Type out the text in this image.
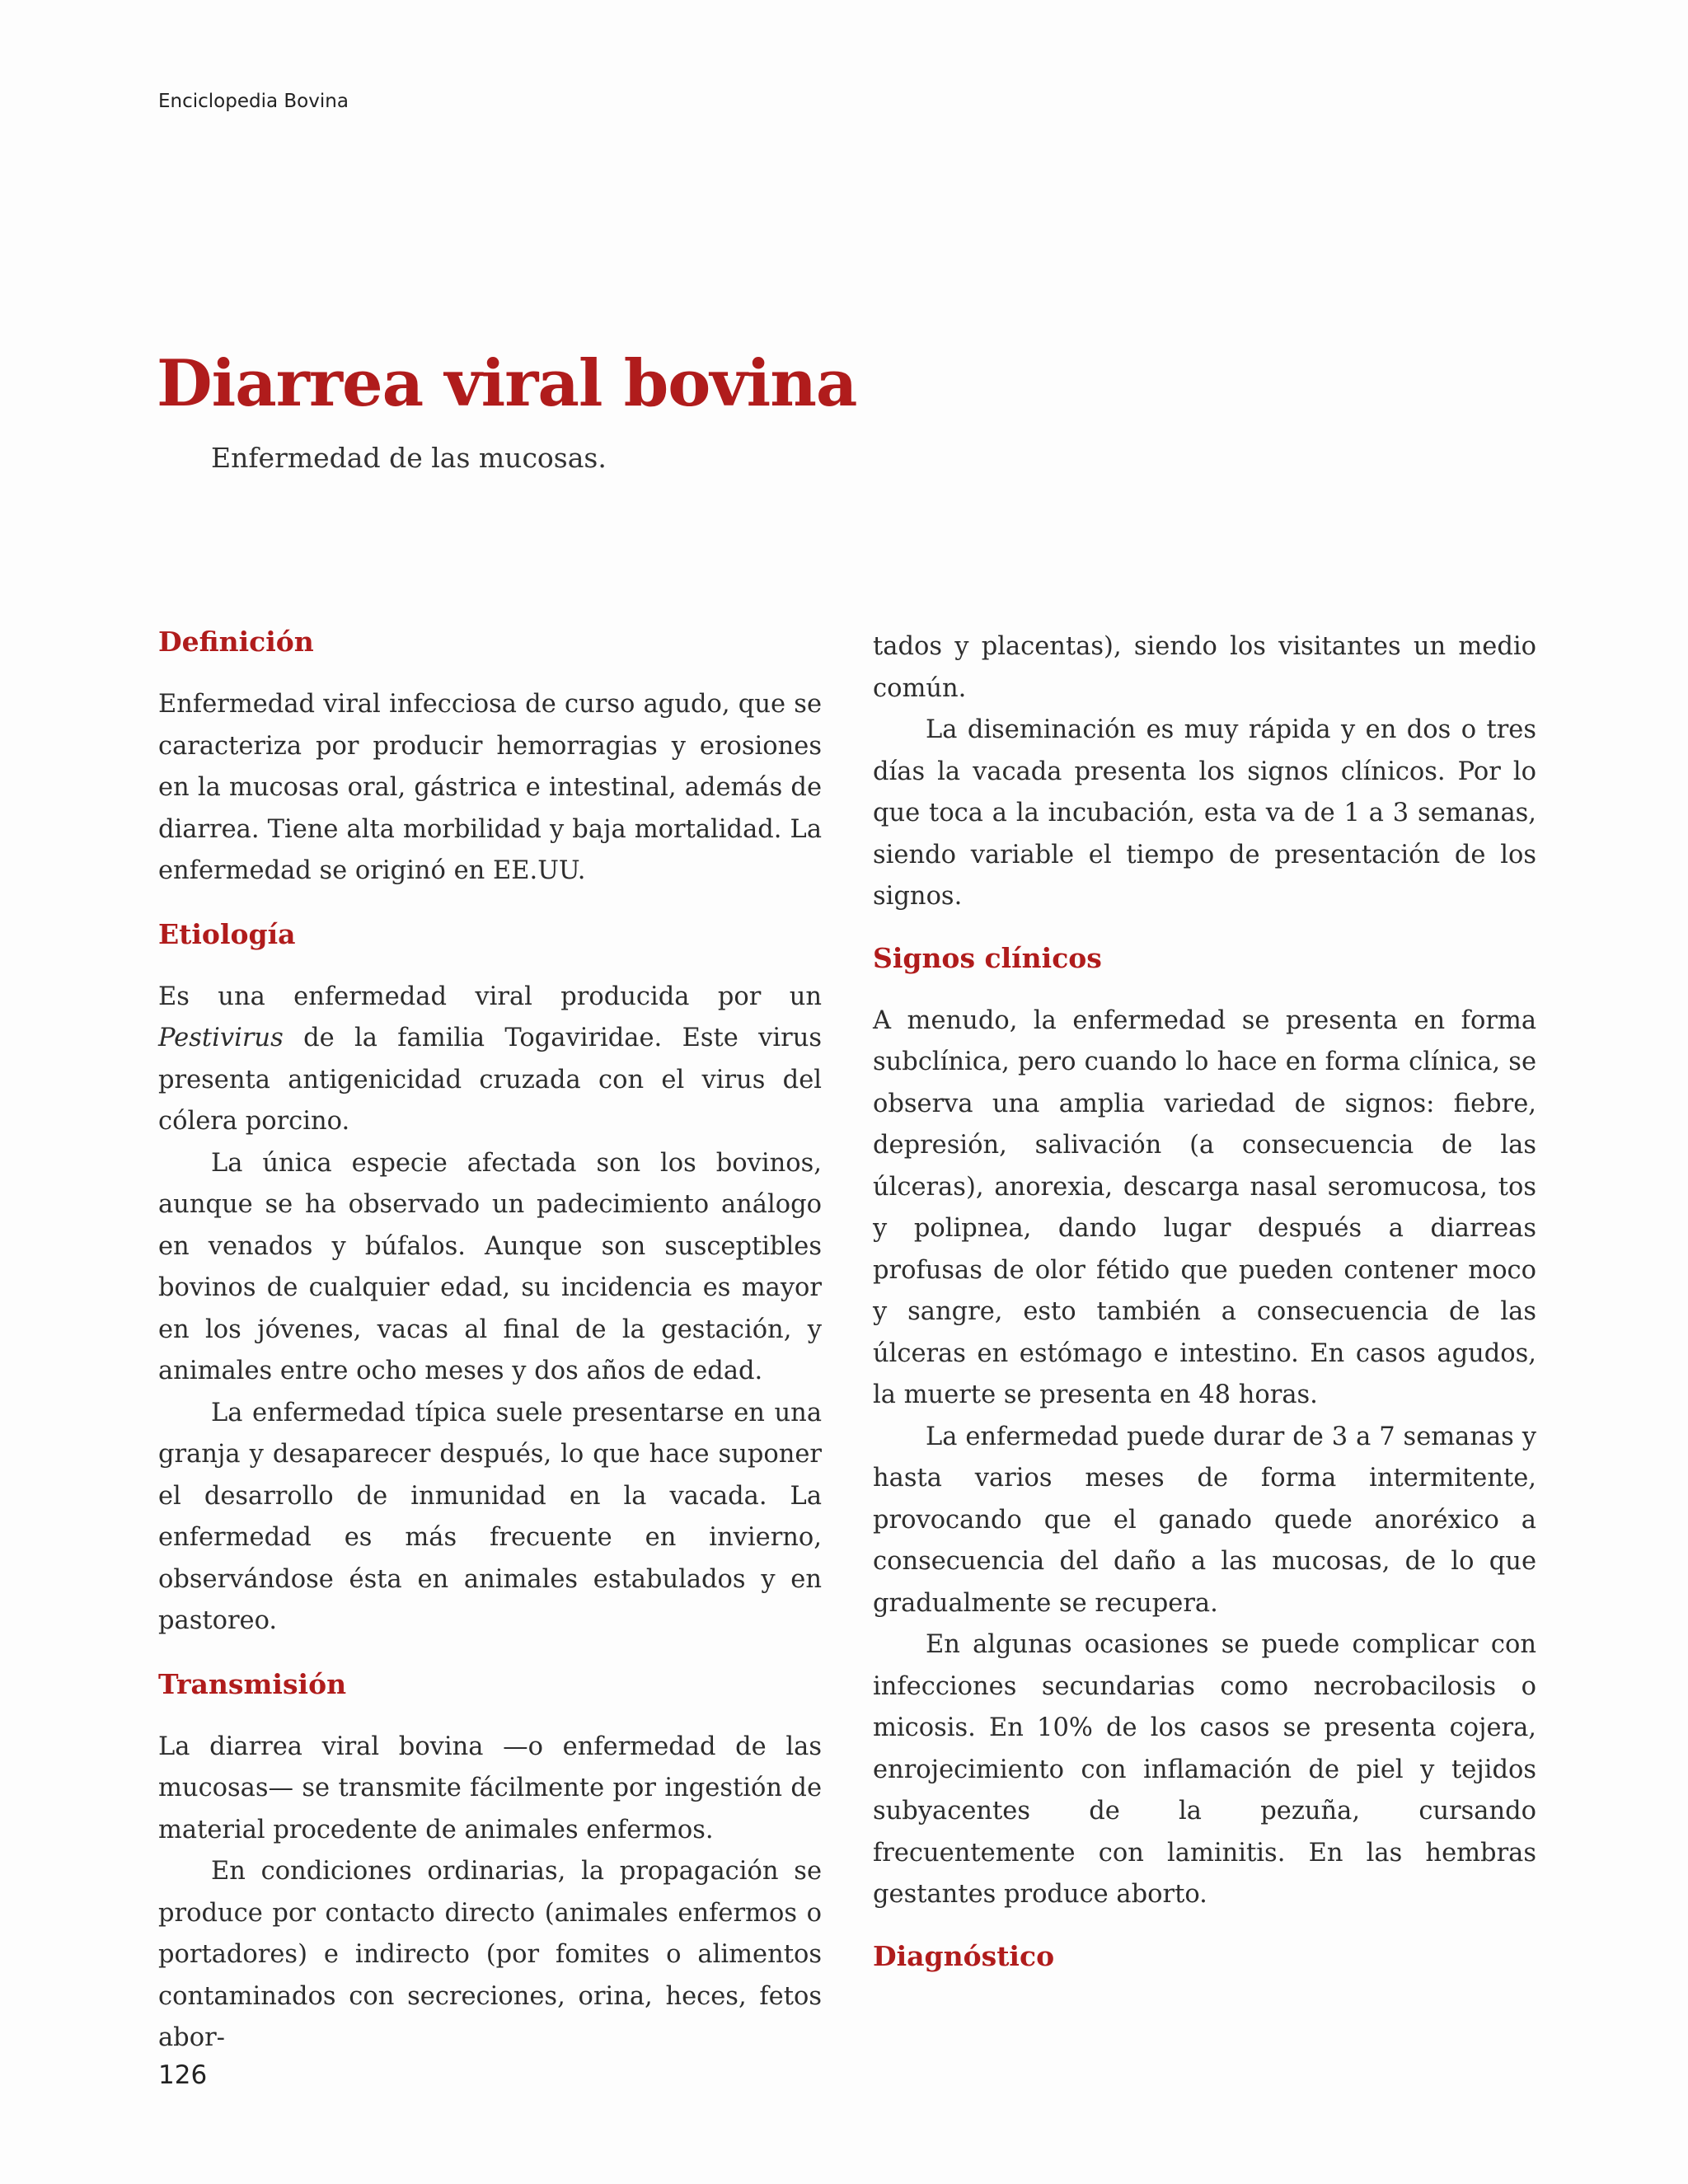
Enciclopedia Bovina
Diarrea viral bovina
Enfermedad de las mucosas.
Definición

Enfermedad viral infecciosa de curso agudo, que se caracteriza por producir hemorragias y erosiones en la mucosas oral, gástrica e intestinal, además de diarrea. Tiene alta morbilidad y baja mortalidad. La enfermedad se originó en EE.UU.

Etiología

Es una enfermedad viral producida por un Pestivirus de la familia Togaviridae. Este virus presenta antigenicidad cruzada con el virus del cólera porcino.

La única especie afectada son los bovinos, aunque se ha observado un padecimiento análogo en venados y búfalos. Aunque son susceptibles bovinos de cualquier edad, su incidencia es mayor en los jóvenes, vacas al final de la gestación, y animales entre ocho meses y dos años de edad.

La enfermedad típica suele presentarse en una granja y desaparecer después, lo que hace suponer el desarrollo de inmunidad en la vacada. La enfermedad es más frecuente en invierno, observándose ésta en animales estabulados y en pastoreo.

Transmisión

La diarrea viral bovina —o enfermedad de las mucosas— se transmite fácilmente por ingestión de material procedente de animales enfermos.

En condiciones ordinarias, la propagación se produce por contacto directo (animales enfermos o portadores) e indirecto (por fomites o alimentos contaminados con secreciones, orina, heces, fetos abor-

tados y placentas), siendo los visitantes un medio común.

La diseminación es muy rápida y en dos o tres días la vacada presenta los signos clínicos. Por lo que toca a la incubación, esta va de 1 a 3 semanas, siendo variable el tiempo de presentación de los signos.

Signos clínicos

A menudo, la enfermedad se presenta en forma subclínica, pero cuando lo hace en forma clínica, se observa una amplia variedad de signos: fiebre, depresión, salivación (a consecuencia de las úlceras), anorexia, descarga nasal seromucosa, tos y polipnea, dando lugar después a diarreas profusas de olor fétido que pueden contener moco y sangre, esto también a consecuencia de las úlceras en estómago e intestino. En casos agudos, la muerte se presenta en 48 horas.

La enfermedad puede durar de 3 a 7 semanas y hasta varios meses de forma intermitente, provocando que el ganado quede anoréxico a consecuencia del daño a las mucosas, de lo que gradualmente se recupera.

En algunas ocasiones se puede complicar con infecciones secundarias como necrobacilosis o micosis. En 10% de los casos se presenta cojera, enrojecimiento con inflamación de piel y tejidos subyacentes de la pezuña, cursando frecuentemente con laminitis. En las hembras gestantes produce aborto.

Diagnóstico
126
